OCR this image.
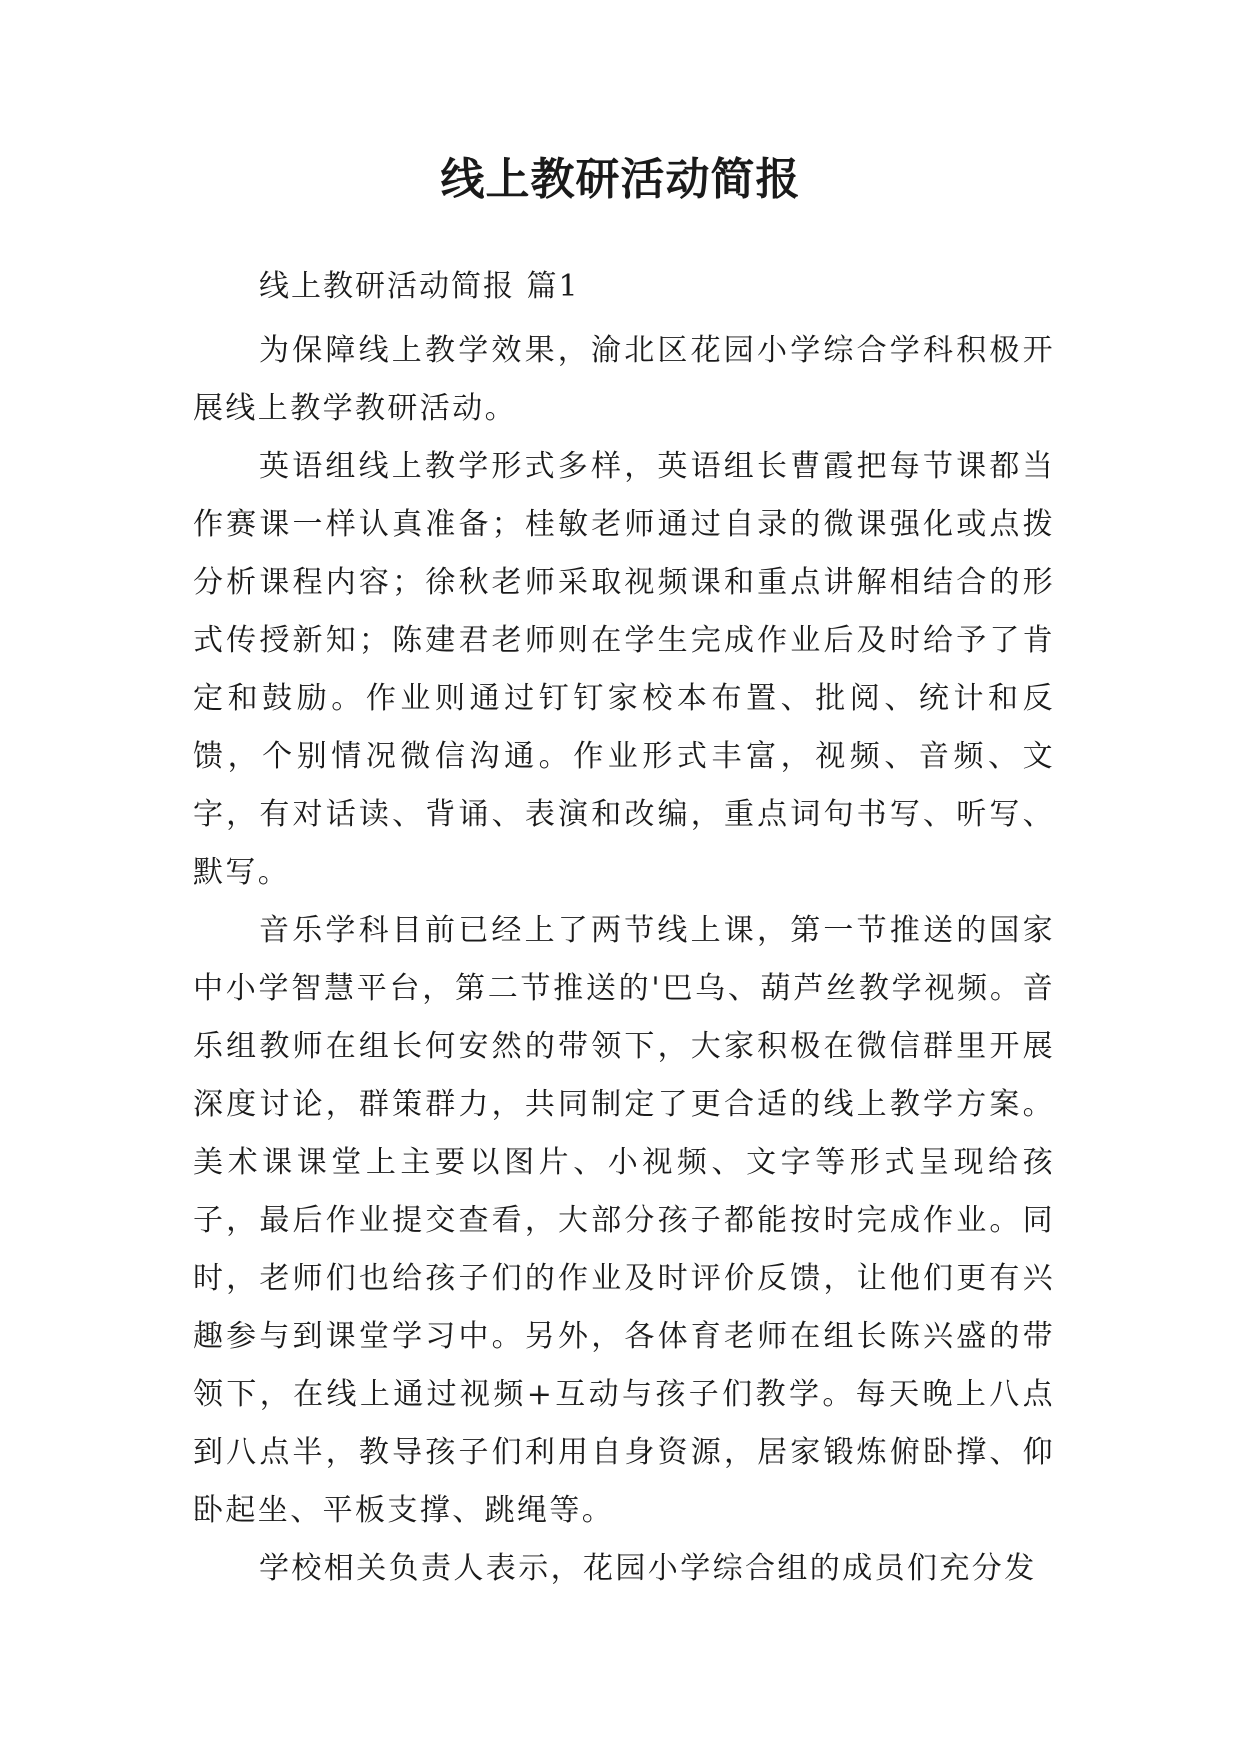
线上教研活动简报

线上教研活动简报 篇1

为保障线上教学效果，渝北区花园小学综合学科积极开展线上教学教研活动。

英语组线上教学形式多样，英语组长曹霞把每节课都当作赛课一样认真准备；桂敏老师通过自录的微课强化或点拨分析课程内容；徐秋老师采取视频课和重点讲解相结合的形式传授新知；陈建君老师则在学生完成作业后及时给予了肯定和鼓励。作业则通过钉钉家校本布置、批阅、统计和反馈，个别情况微信沟通。作业形式丰富，视频、音频、文字，有对话读、背诵、表演和改编，重点词句书写、听写、默写。

音乐学科目前已经上了两节线上课，第一节推送的国家中小学智慧平台，第二节推送的'巴乌、葫芦丝教学视频。音乐组教师在组长何安然的带领下，大家积极在微信群里开展深度讨论，群策群力，共同制定了更合适的线上教学方案。美术课课堂上主要以图片、小视频、文字等形式呈现给孩子，最后作业提交查看，大部分孩子都能按时完成作业。同时，老师们也给孩子们的作业及时评价反馈，让他们更有兴趣参与到课堂学习中。另外，各体育老师在组长陈兴盛的带领下，在线上通过视频+互动与孩子们教学。每天晚上八点到八点半，教导孩子们利用自身资源，居家锻炼俯卧撑、仰卧起坐、平板支撑、跳绳等。

学校相关负责人表示，花园小学综合组的成员们充分发
